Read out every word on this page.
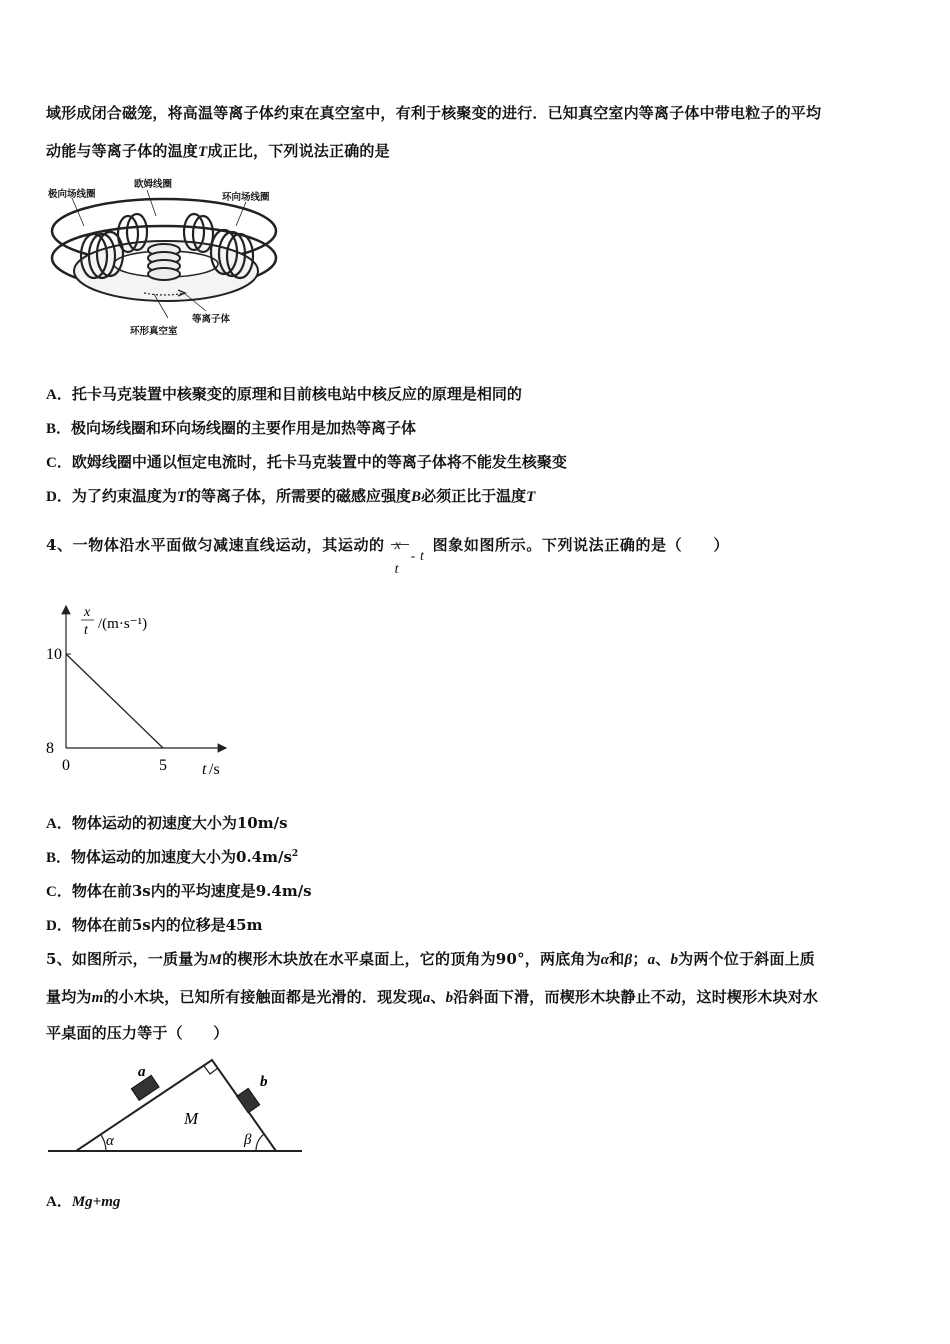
域形成闭合磁笼，将高温等离子体约束在真空室中，有利于核聚变的进行．已知真空室内等离子体中带电粒子的平均
动能与等离子体的温度T成正比，下列说法正确的是
极向场线圈
欧姆线圈
环向场线圈
等离子体
环形真空室
A．托卡马克装置中核聚变的原理和目前核电站中核反应的原理是相同的
B．极向场线圈和环向场线圈的主要作用是加热等离子体
C．欧姆线圈中通以恒定电流时，托卡马克装置中的等离子体将不能发生核聚变
D．为了约束温度为T的等离子体，所需要的磁感应强度B必须正比于温度T
4、一物体沿水平面做匀减速直线运动，其运动的 x
t
- t
图象如图所示。下列说法正确的是（　　）
8
10
0	5
x
t /(m·s⁻¹)
t /s
A．物体运动的初速度大小为10m/s
B．物体运动的加速度大小为$0.4m/s^2$
C．物体在前3s内的平均速度是9.4m/s
D．物体在前5s内的位移是45m
5、如图所示，一质量为M的楔形木块放在水平桌面上，它的顶角为90°，两底角为α和β；a、b为两个位于斜面上质
量均为m的小木块，已知所有接触面都是光滑的．现发现a、b沿斜面下滑，而楔形木块静止不动，这时楔形木块对水
平桌面的压力等于（　　）
a
b
M
α	β
A．Mg+mg
